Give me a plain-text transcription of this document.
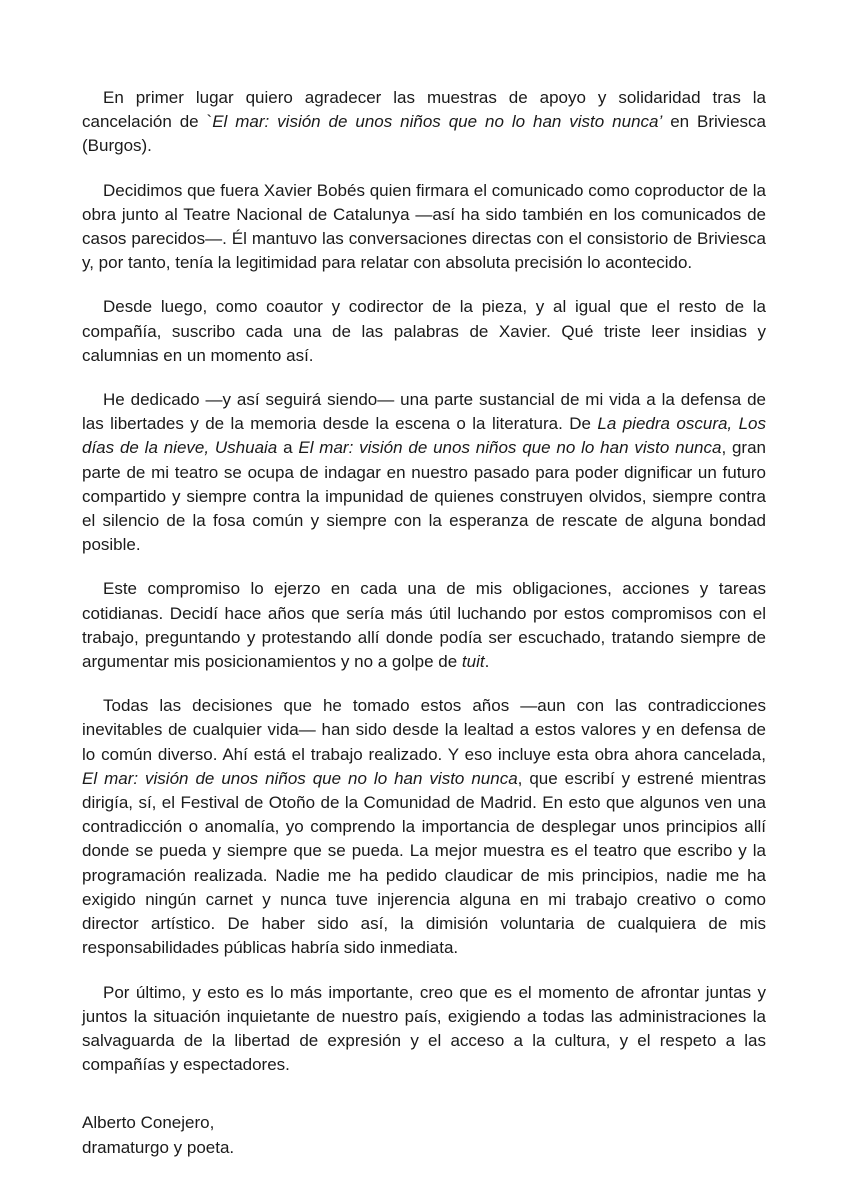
En primer lugar quiero agradecer las muestras de apoyo y solidaridad tras la cancelación de `El mar: visión de unos niños que no lo han visto nunca’ en Briviesca (Burgos).

Decidimos que fuera Xavier Bobés quien firmara el comunicado como coproductor de la obra junto al Teatre Nacional de Catalunya —así ha sido también en los comunicados de casos parecidos—. Él mantuvo las conversaciones directas con el consistorio de Briviesca y, por tanto, tenía la legitimidad para relatar con absoluta precisión lo acontecido.

Desde luego, como coautor y codirector de la pieza, y al igual que el resto de la compañía, suscribo cada una de las palabras de Xavier. Qué triste leer insidias y calumnias en un momento así.

He dedicado —y así seguirá siendo— una parte sustancial de mi vida a la defensa de las libertades y de la memoria desde la escena o la literatura. De La piedra oscura, Los días de la nieve, Ushuaia a El mar: visión de unos niños que no lo han visto nunca, gran parte de mi teatro se ocupa de indagar en nuestro pasado para poder dignificar un futuro compartido y siempre contra la impunidad de quienes construyen olvidos, siempre contra el silencio de la fosa común y siempre con la esperanza de rescate de alguna bondad posible.

Este compromiso lo ejerzo en cada una de mis obligaciones, acciones y tareas cotidianas. Decidí hace años que sería más útil luchando por estos compromisos con el trabajo, preguntando y protestando allí donde podía ser escuchado, tratando siempre de argumentar mis posicionamientos y no a golpe de tuit.

Todas las decisiones que he tomado estos años —aun con las contradicciones inevitables de cualquier vida— han sido desde la lealtad a estos valores y en defensa de lo común diverso. Ahí está el trabajo realizado. Y eso incluye esta obra ahora cancelada, El mar: visión de unos niños que no lo han visto nunca, que escribí y estrené mientras dirigía, sí, el Festival de Otoño de la Comunidad de Madrid. En esto que algunos ven una contradicción o anomalía, yo comprendo la importancia de desplegar unos principios allí donde se pueda y siempre que se pueda. La mejor muestra es el teatro que escribo y la programación realizada. Nadie me ha pedido claudicar de mis principios, nadie me ha exigido ningún carnet y nunca tuve injerencia alguna en mi trabajo creativo o como director artístico. De haber sido así, la dimisión voluntaria de cualquiera de mis responsabilidades públicas habría sido inmediata.

Por último, y esto es lo más importante, creo que es el momento de afrontar juntas y juntos la situación inquietante de nuestro país, exigiendo a todas las administraciones la salvaguarda de la libertad de expresión y el acceso a la cultura, y el respeto a las compañías y espectadores.

Alberto Conejero,
dramaturgo y poeta.
